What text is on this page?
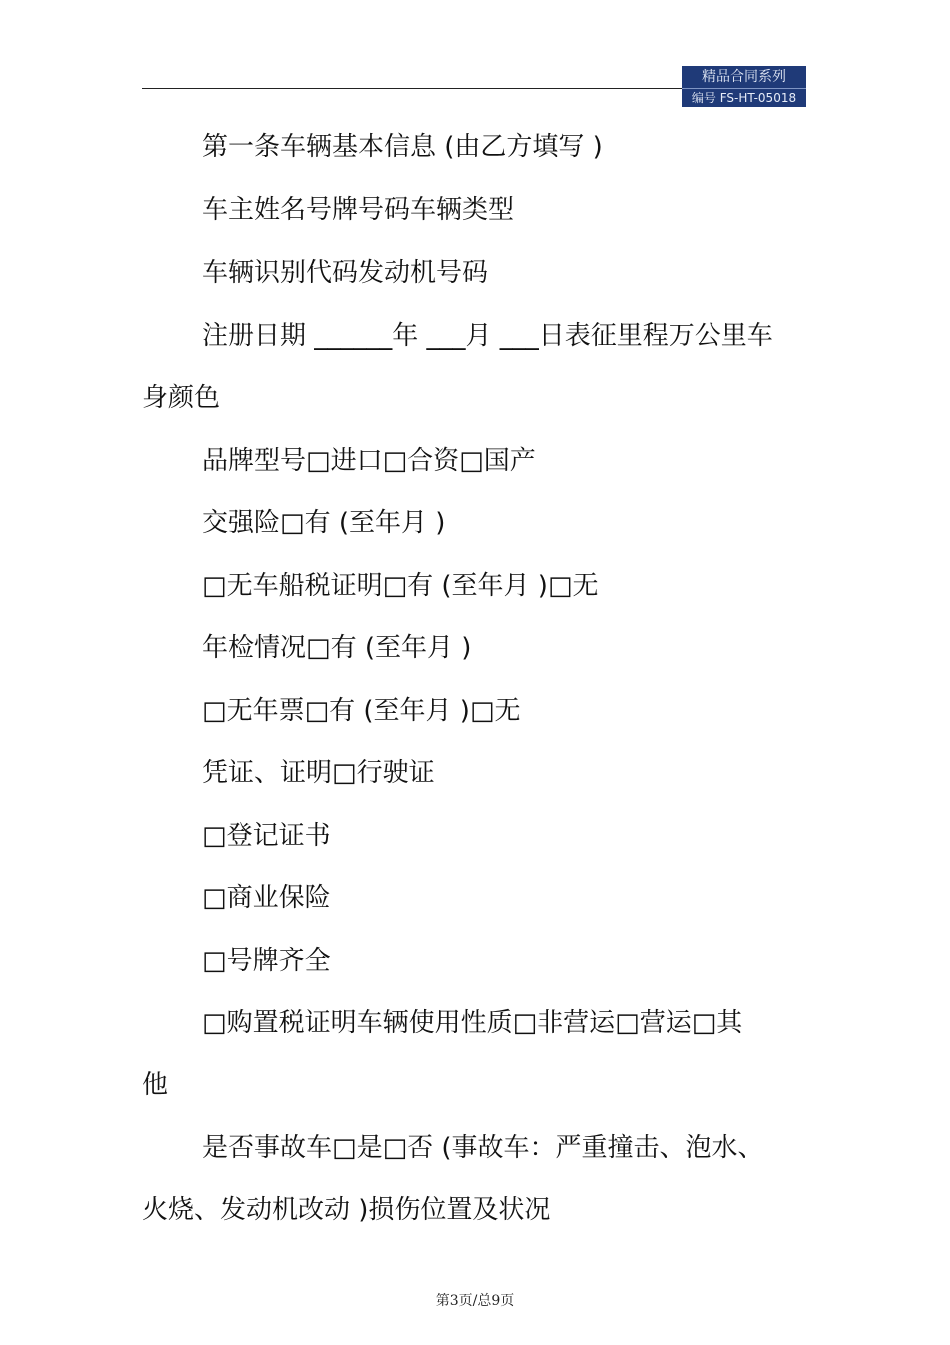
精品合同系列
编号 FS-HT-05018
第一条车辆基本信息 (由乙方填写 )
车主姓名号牌号码车辆类型
车辆识别代码发动机号码
注册日期 ______年 ___月 ___日表征里程万公里车
身颜色
品牌型号□进口□合资□国产
交强险□有 (至年月 )
□无车船税证明□有 (至年月 )□无
年检情况□有 (至年月 )
□无年票□有 (至年月 )□无
凭证、证明□行驶证
□登记证书
□商业保险
□号牌齐全
□购置税证明车辆使用性质□非营运□营运□其
他
是否事故车□是□否 (事故车：严重撞击、泡水、
火烧、发动机改动 )损伤位置及状况
第3页/总9页
